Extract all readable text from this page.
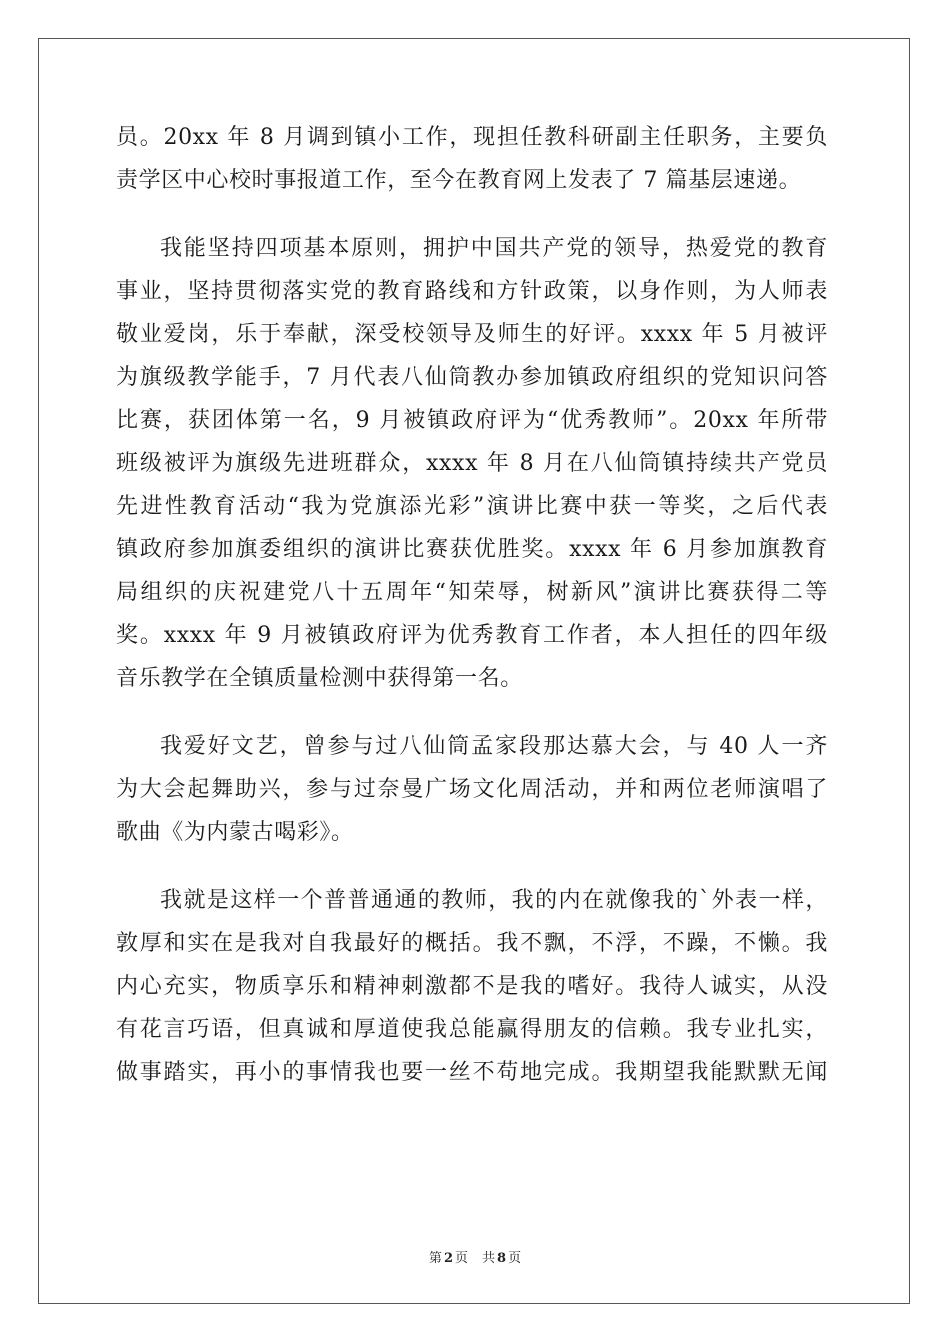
员。20xx 年 8 月调到镇小工作，现担任教科研副主任职务，主要负
责学区中心校时事报道工作，至今在教育网上发表了 7 篇基层速递。
我能坚持四项基本原则，拥护中国共产党的领导，热爱党的教育
事业，坚持贯彻落实党的教育路线和方针政策，以身作则，为人师表
敬业爱岗，乐于奉献，深受校领导及师生的好评。xxxx 年 5 月被评
为旗级教学能手，7 月代表八仙筒教办参加镇政府组织的党知识问答
比赛，获团体第一名，9 月被镇政府评为“优秀教师”。20xx 年所带
班级被评为旗级先进班群众，xxxx 年 8 月在八仙筒镇持续共产党员
先进性教育活动“我为党旗添光彩”演讲比赛中获一等奖，之后代表
镇政府参加旗委组织的演讲比赛获优胜奖。xxxx 年 6 月参加旗教育
局组织的庆祝建党八十五周年“知荣辱，树新风”演讲比赛获得二等
奖。xxxx 年 9 月被镇政府评为优秀教育工作者，本人担任的四年级
音乐教学在全镇质量检测中获得第一名。
我爱好文艺，曾参与过八仙筒孟家段那达慕大会，与 40 人一齐
为大会起舞助兴，参与过奈曼广场文化周活动，并和两位老师演唱了
歌曲《为内蒙古喝彩》。
我就是这样一个普普通通的教师，我的内在就像我的`外表一样，
敦厚和实在是我对自我最好的概括。我不飘，不浮，不躁，不懒。我
内心充实，物质享乐和精神刺激都不是我的嗜好。我待人诚实，从没
有花言巧语，但真诚和厚道使我总能赢得朋友的信赖。我专业扎实，
做事踏实，再小的事情我也要一丝不苟地完成。我期望我能默默无闻
第 2 页 共 8 页
